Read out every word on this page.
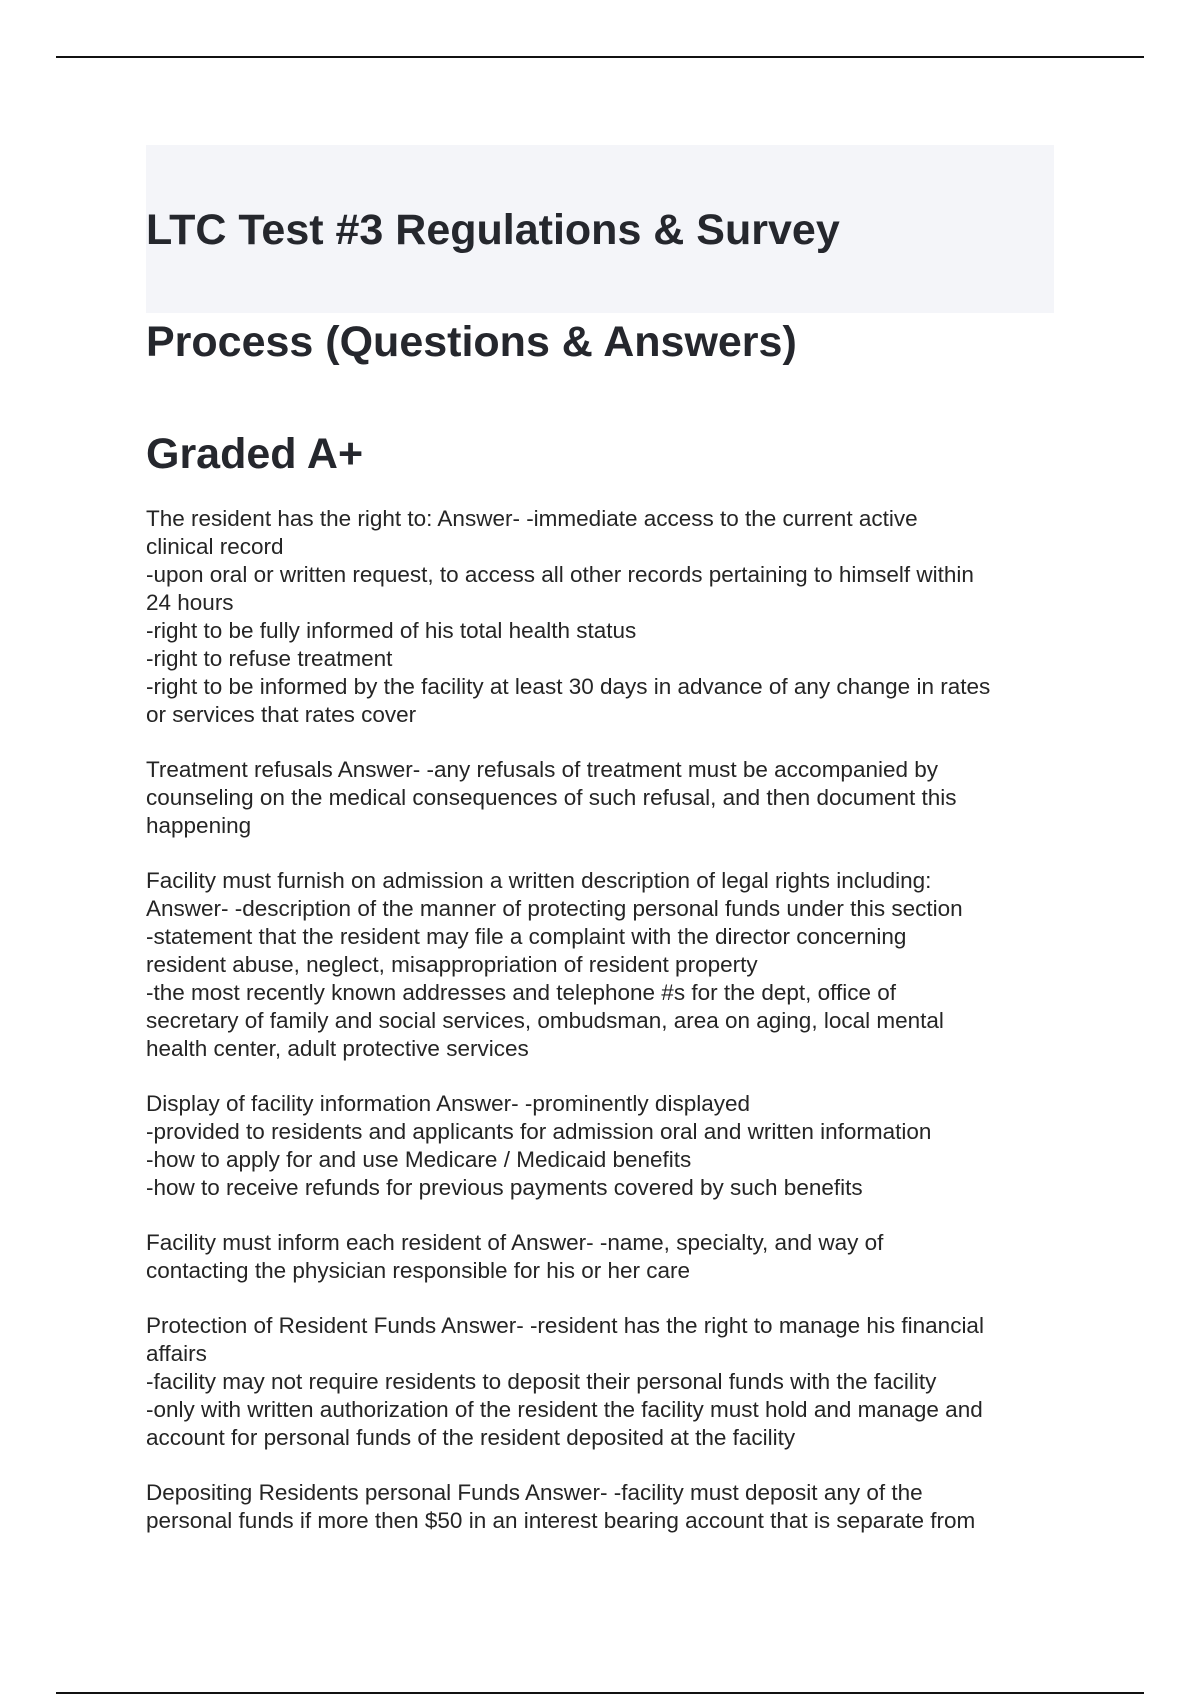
LTC Test #3 Regulations & Survey

Process (Questions & Answers)

Graded A+

The resident has the right to: Answer- -immediate access to the current active
clinical record
-upon oral or written request, to access all other records pertaining to himself within
24 hours
-right to be fully informed of his total health status
-right to refuse treatment
-right to be informed by the facility at least 30 days in advance of any change in rates
or services that rates cover
Treatment refusals Answer- -any refusals of treatment must be accompanied by
counseling on the medical consequences of such refusal, and then document this
happening
Facility must furnish on admission a written description of legal rights including:
Answer- -description of the manner of protecting personal funds under this section
-statement that the resident may file a complaint with the director concerning
resident abuse, neglect, misappropriation of resident property
-the most recently known addresses and telephone #s for the dept, office of
secretary of family and social services, ombudsman, area on aging, local mental
health center, adult protective services
Display of facility information Answer- -prominently displayed
-provided to residents and applicants for admission oral and written information
-how to apply for and use Medicare / Medicaid benefits
-how to receive refunds for previous payments covered by such benefits
Facility must inform each resident of Answer- -name, specialty, and way of
contacting the physician responsible for his or her care
Protection of Resident Funds Answer- -resident has the right to manage his financial
affairs
-facility may not require residents to deposit their personal funds with the facility
-only with written authorization of the resident the facility must hold and manage and
account for personal funds of the resident deposited at the facility
Depositing Residents personal Funds Answer- -facility must deposit any of the
personal funds if more then $50 in an interest bearing account that is separate from
